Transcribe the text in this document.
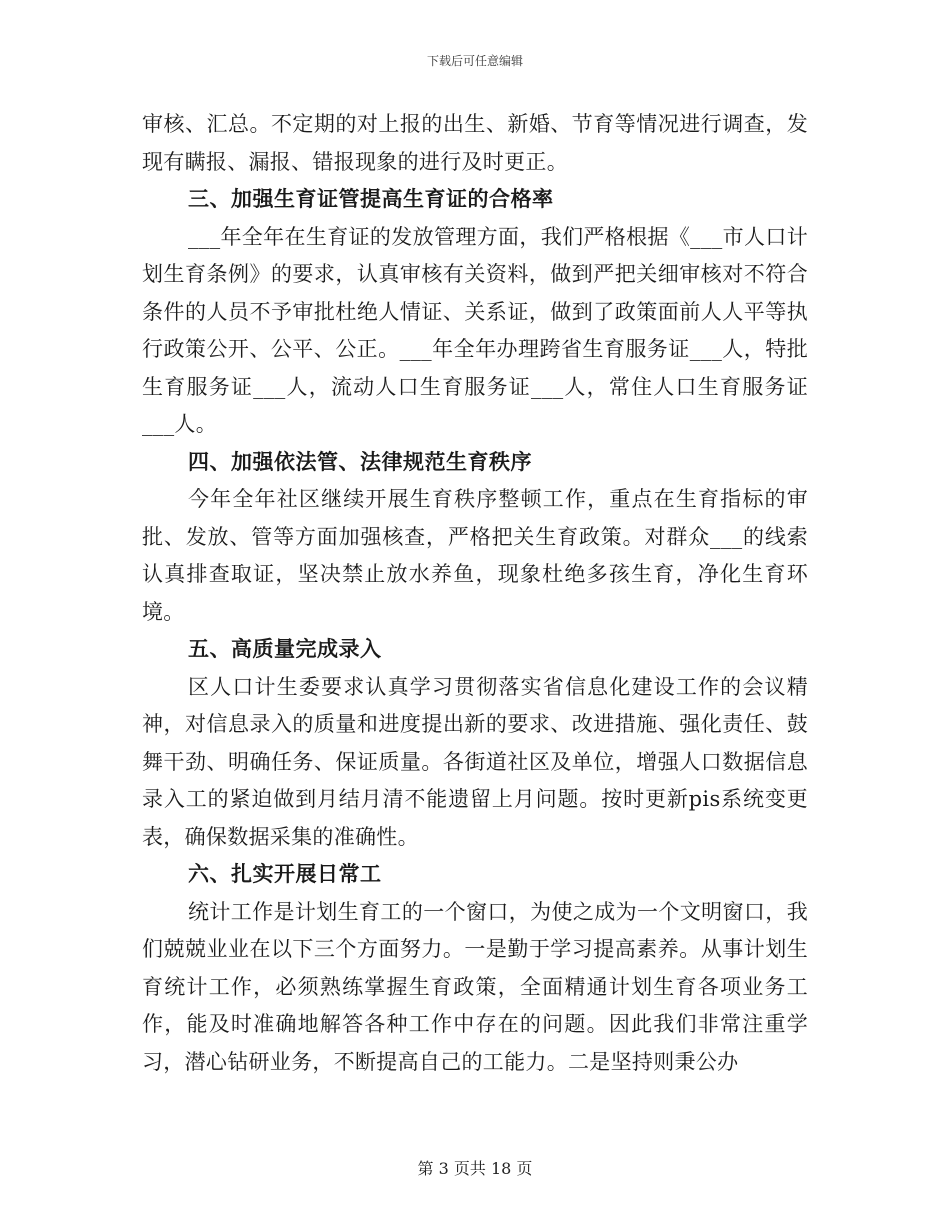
下载后可任意编辑

审核、汇总。不定期的对上报的出生、新婚、节育等情况进行调查，发现有瞒报、漏报、错报现象的进行及时更正。

三、加强生育证管提高生育证的合格率

___年全年在生育证的发放管理方面，我们严格根据《___市人口计划生育条例》的要求，认真审核有关资料，做到严把关细审核对不符合条件的人员不予审批杜绝人情证、关系证，做到了政策面前人人平等执行政策公开、公平、公正。___年全年办理跨省生育服务证___人，特批生育服务证___人，流动人口生育服务证___人，常住人口生育服务证___人。

四、加强依法管、法律规范生育秩序

今年全年社区继续开展生育秩序整顿工作，重点在生育指标的审批、发放、管等方面加强核查，严格把关生育政策。对群众___的线索认真排查取证，坚决禁止放水养鱼，现象杜绝多孩生育，净化生育环境。

五、高质量完成录入

区人口计生委要求认真学习贯彻落实省信息化建设工作的会议精神，对信息录入的质量和进度提出新的要求、改进措施、强化责任、鼓舞干劲、明确任务、保证质量。各街道社区及单位，增强人口数据信息录入工的紧迫做到月结月清不能遗留上月问题。按时更新pis系统变更表，确保数据采集的准确性。

六、扎实开展日常工

统计工作是计划生育工的一个窗口，为使之成为一个文明窗口，我们兢兢业业在以下三个方面努力。一是勤于学习提高素养。从事计划生育统计工作，必须熟练掌握生育政策，全面精通计划生育各项业务工作，能及时准确地解答各种工作中存在的问题。因此我们非常注重学习，潜心钻研业务，不断提高自己的工能力。二是坚持则秉公办

第 3 页共 18 页
